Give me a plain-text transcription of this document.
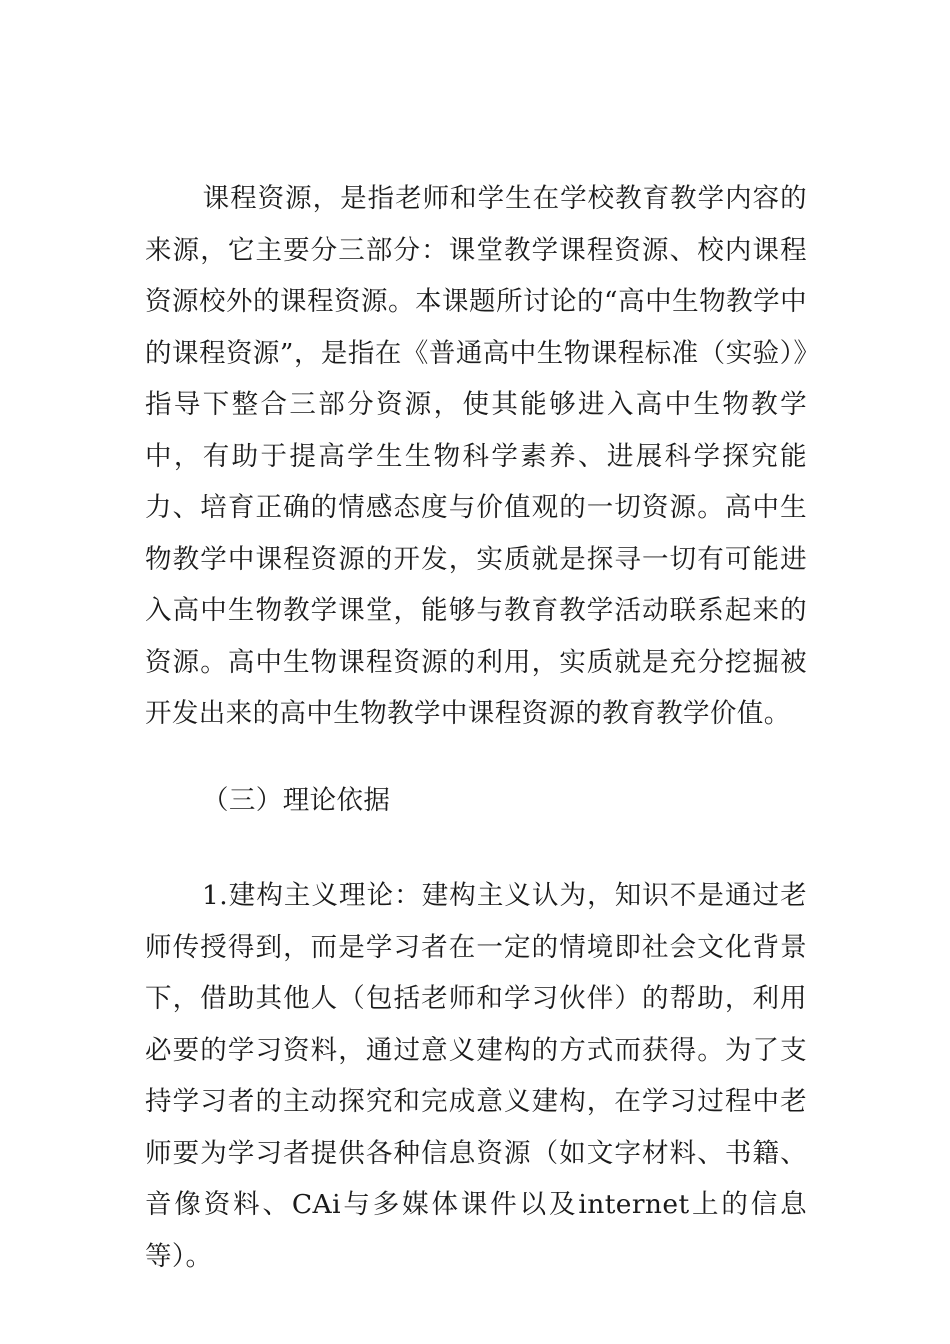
课程资源，是指老师和学生在学校教育教学内容的来源，它主要分三部分：课堂教学课程资源、校内课程资源校外的课程资源。本课题所讨论的“高中生物教学中的课程资源”，是指在《普通高中生物课程标准（实验）》指导下整合三部分资源，使其能够进入高中生物教学中，有助于提高学生生物科学素养、进展科学探究能力、培育正确的情感态度与价值观的一切资源。高中生物教学中课程资源的开发，实质就是探寻一切有可能进入高中生物教学课堂，能够与教育教学活动联系起来的资源。高中生物课程资源的利用，实质就是充分挖掘被开发出来的高中生物教学中课程资源的教育教学价值。

（三）理论依据

1.建构主义理论：建构主义认为，知识不是通过老师传授得到，而是学习者在一定的情境即社会文化背景下，借助其他人（包括老师和学习伙伴）的帮助，利用必要的学习资料，通过意义建构的方式而获得。为了支持学习者的主动探究和完成意义建构，在学习过程中老师要为学习者提供各种信息资源（如文字材料、书籍、音像资料、CAi与多媒体课件以及internet上的信息等）。
